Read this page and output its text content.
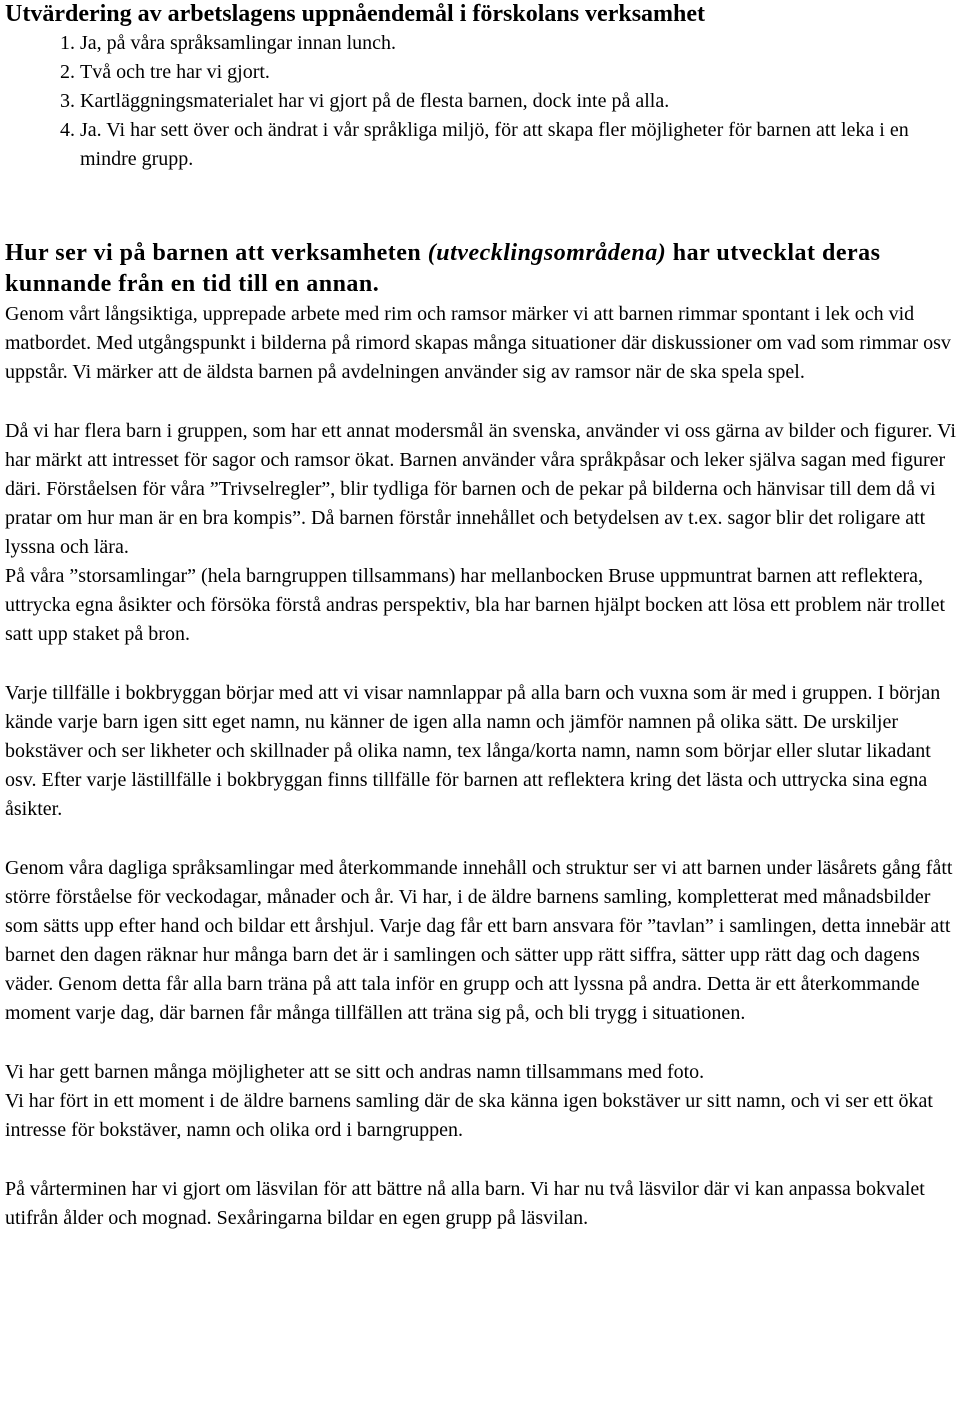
Utvärdering av arbetslagens uppnåendemål i förskolans verksamhet
1. Ja, på våra språksamlingar innan lunch.
2. Två och tre har vi gjort.
3. Kartläggningsmaterialet har vi gjort på de flesta barnen, dock inte på alla.
4. Ja. Vi har sett över och ändrat i vår språkliga miljö, för att skapa fler möjligheter för barnen att leka i en mindre grupp.
Hur ser vi på barnen att verksamheten (utvecklingsområdena) har utvecklat deras kunnande från en tid till en annan.

Genom vårt långsiktiga, upprepade arbete med rim och ramsor märker vi att barnen rimmar spontant i lek och vid matbordet. Med utgångspunkt i bilderna på rimord skapas många situationer där diskussioner om vad som rimmar osv uppstår. Vi märker att de äldsta barnen på avdelningen använder sig av ramsor när de ska spela spel.

Då vi har flera barn i gruppen, som har ett annat modersmål än svenska, använder vi oss gärna av bilder och figurer. Vi har märkt att intresset för sagor och ramsor ökat. Barnen använder våra språkpåsar och leker själva sagan med figurer däri. Förståelsen för våra ”Trivselregler”, blir tydliga för barnen och de pekar på bilderna och hänvisar till dem då vi pratar om hur man är en bra kompis”. Då barnen förstår innehållet och betydelsen av t.ex. sagor blir det roligare att lyssna och lära.

På våra ”storsamlingar” (hela barngruppen tillsammans) har mellanbocken Bruse uppmuntrat barnen att reflektera, uttrycka egna åsikter och försöka förstå andras perspektiv, bla har barnen hjälpt bocken att lösa ett problem när trollet satt upp staket på bron.

Varje tillfälle i bokbryggan börjar med att vi visar namnlappar på alla barn och vuxna som är med i gruppen. I början kände varje barn igen sitt eget namn, nu känner de igen alla namn och jämför namnen på olika sätt. De urskiljer bokstäver och ser likheter och skillnader på olika namn, tex långa/korta namn, namn som börjar eller slutar likadant osv. Efter varje lästillfälle i bokbryggan finns tillfälle för barnen att reflektera kring det lästa och uttrycka sina egna åsikter.

Genom våra dagliga språksamlingar med återkommande innehåll och struktur ser vi att barnen under läsårets gång fått större förståelse för veckodagar, månader och år. Vi har, i de äldre barnens samling, kompletterat med månadsbilder som sätts upp efter hand och bildar ett årshjul. Varje dag får ett barn ansvara för ”tavlan” i samlingen, detta innebär att barnet den dagen räknar hur många barn det är i samlingen och sätter upp rätt siffra, sätter upp rätt dag och dagens väder. Genom detta får alla barn träna på att tala inför en grupp och att lyssna på andra. Detta är ett återkommande moment varje dag, där barnen får många tillfällen att träna sig på, och bli trygg i situationen.

Vi har gett barnen många möjligheter att se sitt och andras namn tillsammans med foto.

Vi har fört in ett moment i de äldre barnens samling där de ska känna igen bokstäver ur sitt namn, och vi ser ett ökat intresse för bokstäver, namn och olika ord i barngruppen.

På vårterminen har vi gjort om läsvilan för att bättre nå alla barn. Vi har nu två läsvilor där vi kan anpassa bokvalet utifrån ålder och mognad. Sexåringarna bildar en egen grupp på läsvilan.
